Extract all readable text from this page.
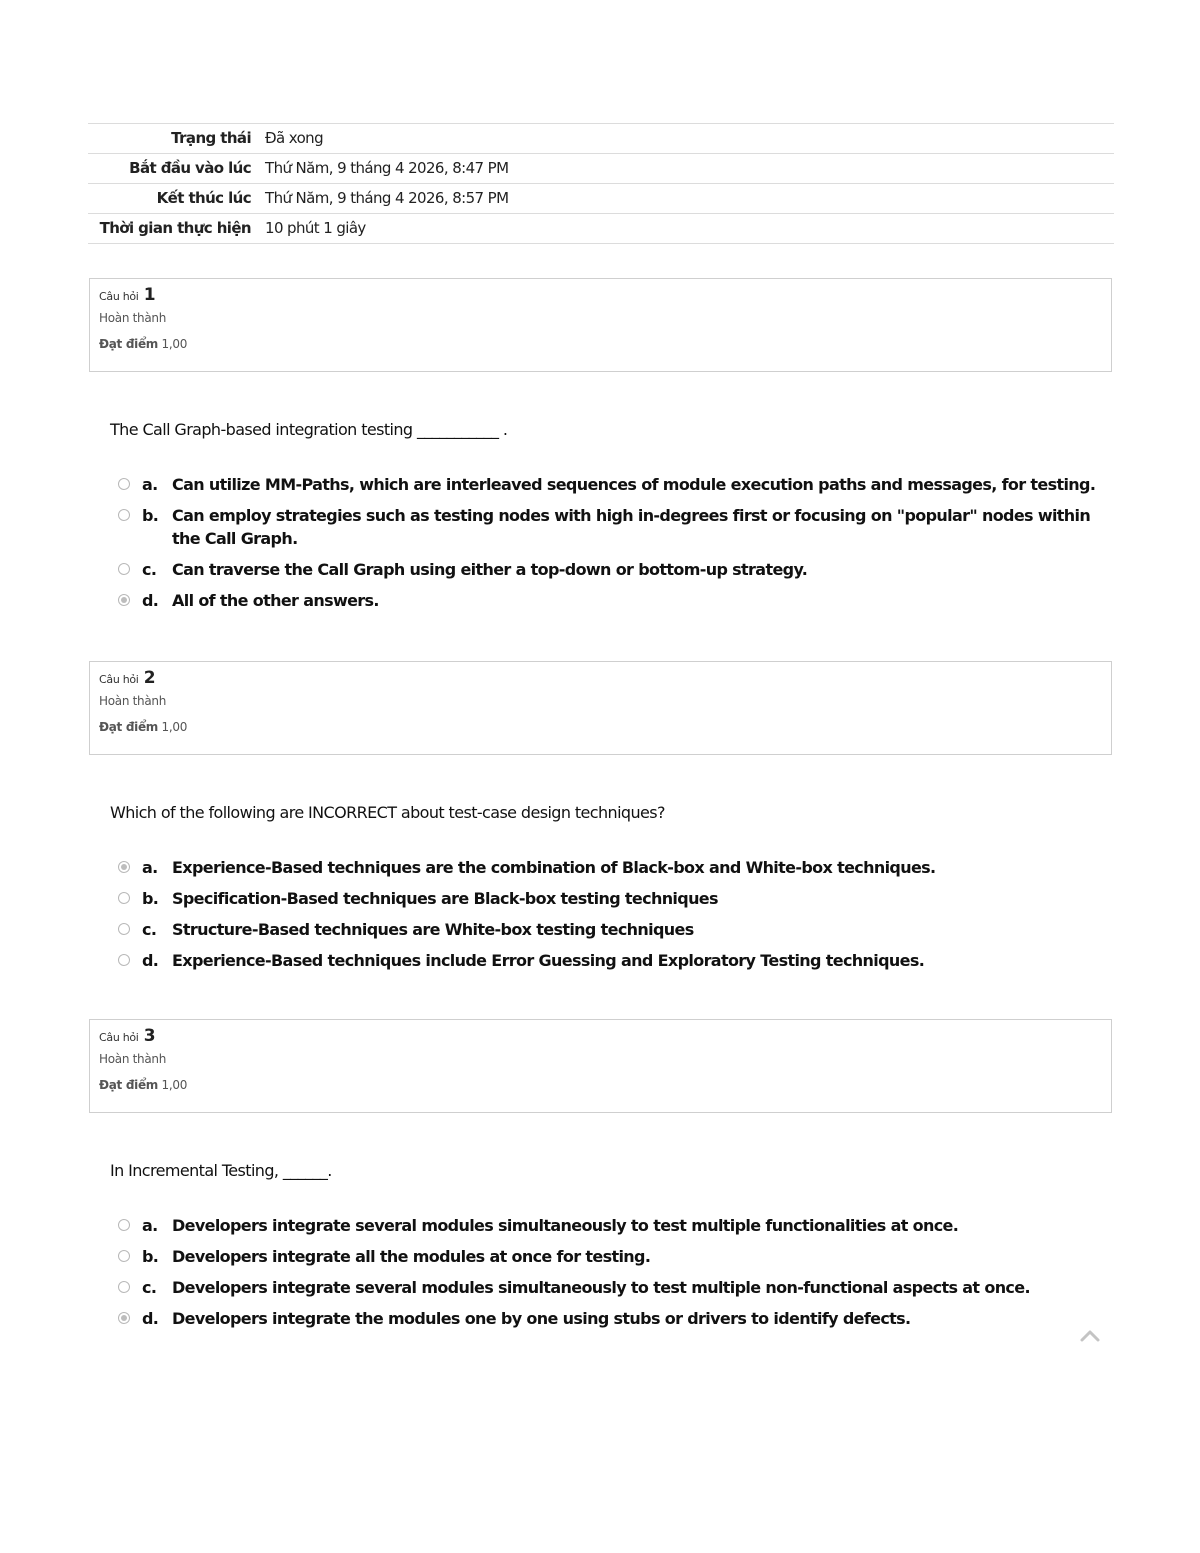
Trạng thái	Đã xong
Bắt đầu vào lúc	Thứ Năm, 9 tháng 4 2026, 8:47 PM
Kết thúc lúc	Thứ Năm, 9 tháng 4 2026, 8:57 PM
Thời gian thực hiện	10 phút 1 giây
Câu hỏi 1
Hoàn thành
Đạt điểm 1,00
The Call Graph-based integration testing ___________ .
a. Can utilize MM-Paths, which are interleaved sequences of module execution paths and messages, for testing.
b. Can employ strategies such as testing nodes with high in-degrees first or focusing on "popular" nodes within the Call Graph.
c. Can traverse the Call Graph using either a top-down or bottom-up strategy.
d. All of the other answers.
Câu hỏi 2
Hoàn thành
Đạt điểm 1,00
Which of the following are INCORRECT about test-case design techniques?
a. Experience-Based techniques are the combination of Black-box and White-box techniques.
b. Specification-Based techniques are Black-box testing techniques
c. Structure-Based techniques are White-box testing techniques
d. Experience-Based techniques include Error Guessing and Exploratory Testing techniques.
Câu hỏi 3
Hoàn thành
Đạt điểm 1,00
In Incremental Testing, ______.
a. Developers integrate several modules simultaneously to test multiple functionalities at once.
b. Developers integrate all the modules at once for testing.
c. Developers integrate several modules simultaneously to test multiple non-functional aspects at once.
d. Developers integrate the modules one by one using stubs or drivers to identify defects.
